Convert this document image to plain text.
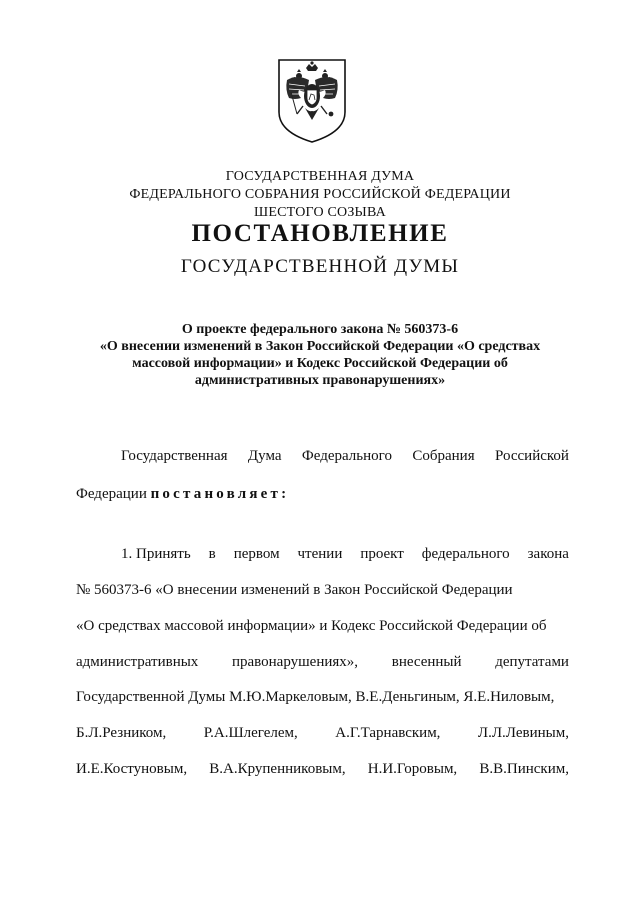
ГОСУДАРСТВЕННАЯ ДУМА
ФЕДЕРАЛЬНОГО СОБРАНИЯ РОССИЙСКОЙ ФЕДЕРАЦИИ
ШЕСТОГО СОЗЫВА
ПОСТАНОВЛЕНИЕ
ГОСУДАРСТВЕННОЙ ДУМЫ
О проекте федерального закона № 560373-6
«О внесении изменений в Закон Российской Федерации «О средствах
массовой информации» и Кодекс Российской Федерации об
административных правонарушениях»
Государственная Дума Федерального Собрания Российской
Федерации постановляет:
1. Принять в первом чтении проект федерального закона
№ 560373-6 «О внесении изменений в Закон Российской Федерации
«О средствах массовой информации» и Кодекс Российской Федерации об
административных правонарушениях», внесенный депутатами
Государственной Думы М.Ю.Маркеловым, В.Е.Деньгиным, Я.Е.Ниловым,
Б.Л.Резником, Р.А.Шлегелем, А.Г.Тарнавским, Л.Л.Левиным,
И.Е.Костуновым, В.А.Крупенниковым, Н.И.Горовым, В.В.Пинским,
